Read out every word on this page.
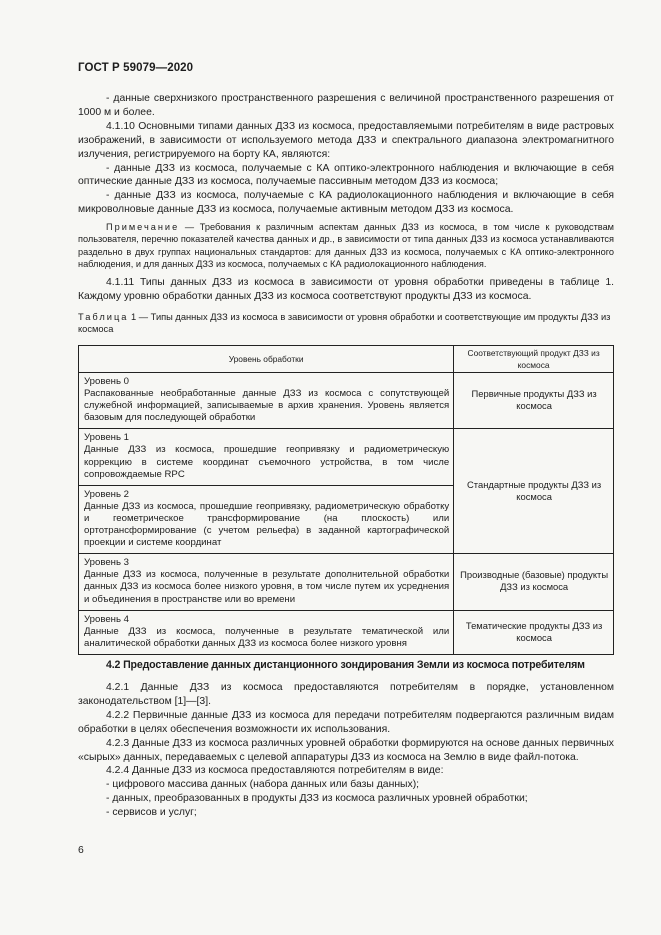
ГОСТ Р 59079—2020

- данные сверхнизкого пространственного разрешения с величиной пространственного разрешения от 1000 м и более.

4.1.10 Основными типами данных ДЗЗ из космоса, предоставляемыми потребителям в виде растровых изображений, в зависимости от используемого метода ДЗЗ и спектрального диапазона электромагнитного излучения, регистрируемого на борту КА, являются:

- данные ДЗЗ из космоса, получаемые с КА оптико-электронного наблюдения и включающие в себя оптические данные ДЗЗ из космоса, получаемые пассивным методом ДЗЗ из космоса;

- данные ДЗЗ из космоса, получаемые с КА радиолокационного наблюдения и включающие в себя микроволновые данные ДЗЗ из космоса, получаемые активным методом ДЗЗ из космоса.

Примечание — Требования к различным аспектам данных ДЗЗ из космоса, в том числе к руководствам пользователя, перечню показателей качества данных и др., в зависимости от типа данных ДЗЗ из космоса устанавливаются раздельно в двух группах национальных стандартов: для данных ДЗЗ из космоса, получаемых с КА оптико-электронного наблюдения, и для данных ДЗЗ из космоса, получаемых с КА радиолокационного наблюдения.

4.1.11 Типы данных ДЗЗ из космоса в зависимости от уровня обработки приведены в таблице 1. Каждому уровню обработки данных ДЗЗ из космоса соответствуют продукты ДЗЗ из космоса.

Таблица 1 — Типы данных ДЗЗ из космоса в зависимости от уровня обработки и соответствующие им продукты ДЗЗ из космоса
Уровень обработки	Соответствующий продукт ДЗЗ из космоса

Уровень 0
Распакованные необработанные данные ДЗЗ из космоса с сопутствующей служебной информацией, записываемые в архив хранения. Уровень является базовым для последующей обработки	Первичные продукты ДЗЗ из космоса

Уровень 1
Данные ДЗЗ из космоса, прошедшие геопривязку и радиометрическую коррекцию в системе координат съемочного устройства, в том числе сопровождаемые RPC	Стандартные продукты ДЗЗ из космоса

Уровень 2
Данные ДЗЗ из космоса, прошедшие геопривязку, радиометрическую обработку и геометрическое трансформирование (на плоскость) или ортотрансформирование (с учетом рельефа) в заданной картографической проекции и системе координат	

Уровень 3
Данные ДЗЗ из космоса, полученные в результате дополнительной обработки данных ДЗЗ из космоса более низкого уровня, в том числе путем их усреднения и объединения в пространстве или во времени	Производные (базовые) продукты ДЗЗ из космоса

Уровень 4
Данные ДЗЗ из космоса, полученные в результате тематической или аналитической обработки данных ДЗЗ из космоса более низкого уровня	Тематические продукты ДЗЗ из космоса
4.2 Предоставление данных дистанционного зондирования Земли из космоса потребителям

4.2.1 Данные ДЗЗ из космоса предоставляются потребителям в порядке, установленном законодательством [1]—[3].

4.2.2 Первичные данные ДЗЗ из космоса для передачи потребителям подвергаются различным видам обработки в целях обеспечения возможности их использования.

4.2.3 Данные ДЗЗ из космоса различных уровней обработки формируются на основе данных первичных «сырых» данных, передаваемых с целевой аппаратуры ДЗЗ из космоса на Землю в виде файл-потока.

4.2.4 Данные ДЗЗ из космоса предоставляются потребителям в виде:

- цифрового массива данных (набора данных или базы данных);

- данных, преобразованных в продукты ДЗЗ из космоса различных уровней обработки;

- сервисов и услуг;

6
